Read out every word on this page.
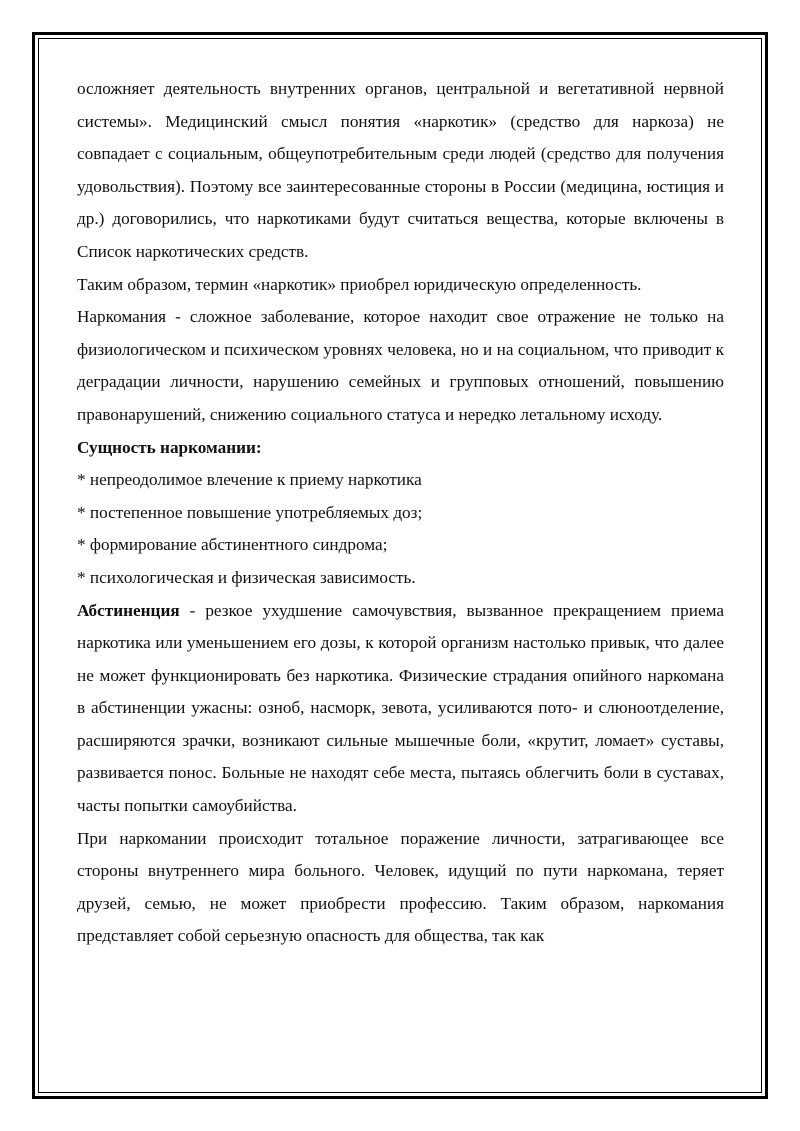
осложняет деятельность внутренних органов, центральной и вегетативной нервной системы». Медицинский смысл понятия «наркотик» (средство для наркоза) не совпадает с социальным, общеупотребительным среди людей (средство для получения удовольствия). Поэтому все заинтересованные стороны в России (медицина, юстиция и др.) договорились, что наркотиками будут считаться вещества, которые включены в Список наркотических средств.

Таким образом, термин «наркотик» приобрел юридическую определенность.

Наркомания - сложное заболевание, которое находит свое отражение не только на физиологическом и психическом уровнях человека, но и на социальном, что приводит к деградации личности, нарушению семейных и групповых отношений, повышению правонарушений, снижению социального статуса и нередко летальному исходу.

Сущность наркомании:

* непреодолимое влечение к приему наркотика

* постепенное повышение употребляемых доз;

* формирование абстинентного синдрома;

* психологическая и физическая зависимость.

Абстиненция - резкое ухудшение самочувствия, вызванное прекращением приема наркотика или уменьшением его дозы, к которой организм настолько привык, что далее не может функционировать без наркотика. Физические страдания опийного наркомана в абстиненции ужасны: озноб, насморк, зевота, усиливаются пото- и слюноотделение, расширяются зрачки, возникают сильные мышечные боли, «крутит, ломает» суставы, развивается понос. Больные не находят себе места, пытаясь облегчить боли в суставах, часты попытки самоубийства.

При наркомании происходит тотальное поражение личности, затрагивающее все стороны внутреннего мира больного. Человек, идущий по пути наркомана, теряет друзей, семью, не может приобрести профессию. Таким образом, наркомания представляет собой серьезную опасность для общества, так как
